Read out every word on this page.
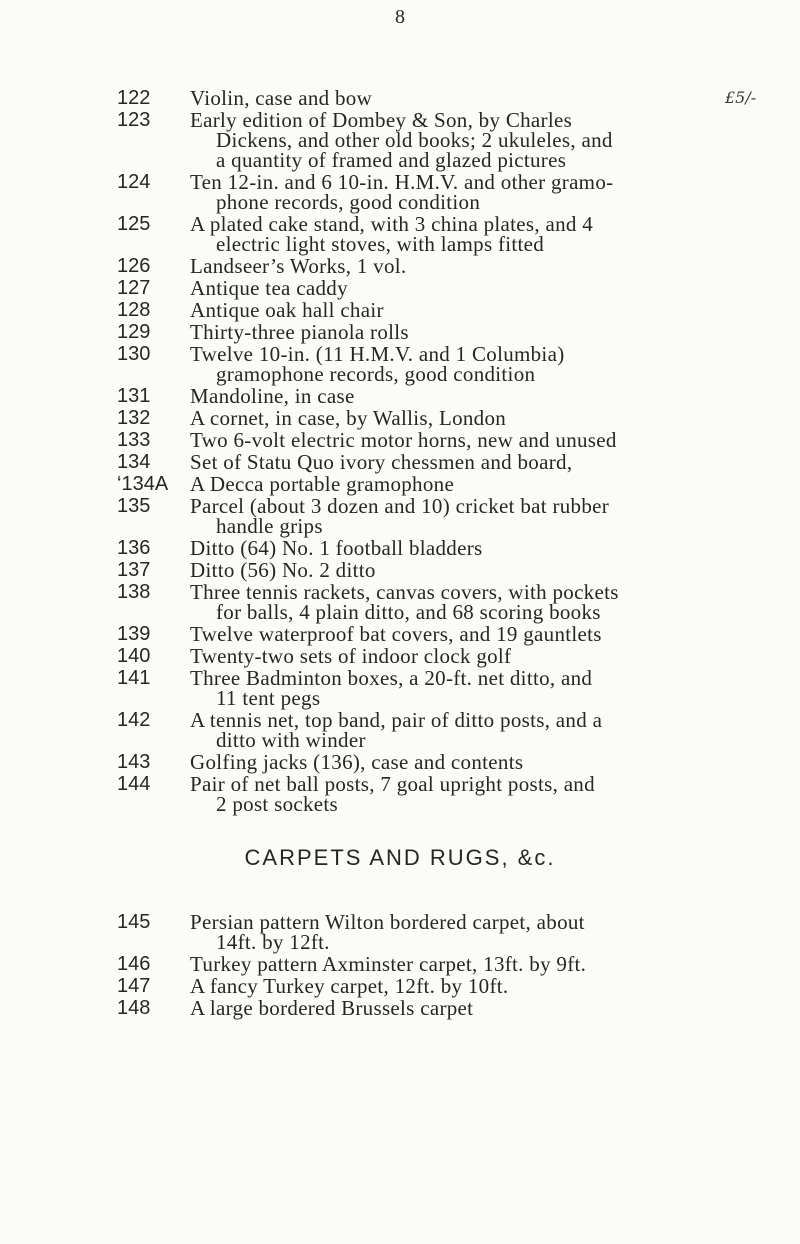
8
122	Violin, case and bow	£5/-
123	Early edition of Dombey & Son, by Charles
Dickens, and other old books; 2 ukuleles, and
a quantity of framed and glazed pictures
124	Ten 12-in. and 6 10-in. H.M.V. and other gramo-
phone records, good condition
125	A plated cake stand, with 3 china plates, and 4
electric light stoves, with lamps fitted
126	Landseer’s Works, 1 vol.
127	Antique tea caddy
128	Antique oak hall chair
129	Thirty-three pianola rolls
130	Twelve 10-in. (11 H.M.V. and 1 Columbia)
gramophone records, good condition
131	Mandoline, in case
132	A cornet, in case, by Wallis, London
133	Two 6-volt electric motor horns, new and unused
134	Set of Statu Quo ivory chessmen and board,
‘134A	A Decca portable gramophone
135	Parcel (about 3 dozen and 10) cricket bat rubber
handle grips
136	Ditto (64) No. 1 football bladders
137	Ditto (56) No. 2 ditto
138	Three tennis rackets, canvas covers, with pockets
for balls, 4 plain ditto, and 68 scoring books
139	Twelve waterproof bat covers, and 19 gauntlets
140	Twenty-two sets of indoor clock golf
141	Three Badminton boxes, a 20-ft. net ditto, and
11 tent pegs
142	A tennis net, top band, pair of ditto posts, and a
ditto with winder
143	Golfing jacks (136), case and contents
144	Pair of net ball posts, 7 goal upright posts, and
2 post sockets
CARPETS AND RUGS, &c.
145	Persian pattern Wilton bordered carpet, about
14ft. by 12ft.
146	Turkey pattern Axminster carpet, 13ft. by 9ft.
147	A fancy Turkey carpet, 12ft. by 10ft.
148	A large bordered Brussels carpet
